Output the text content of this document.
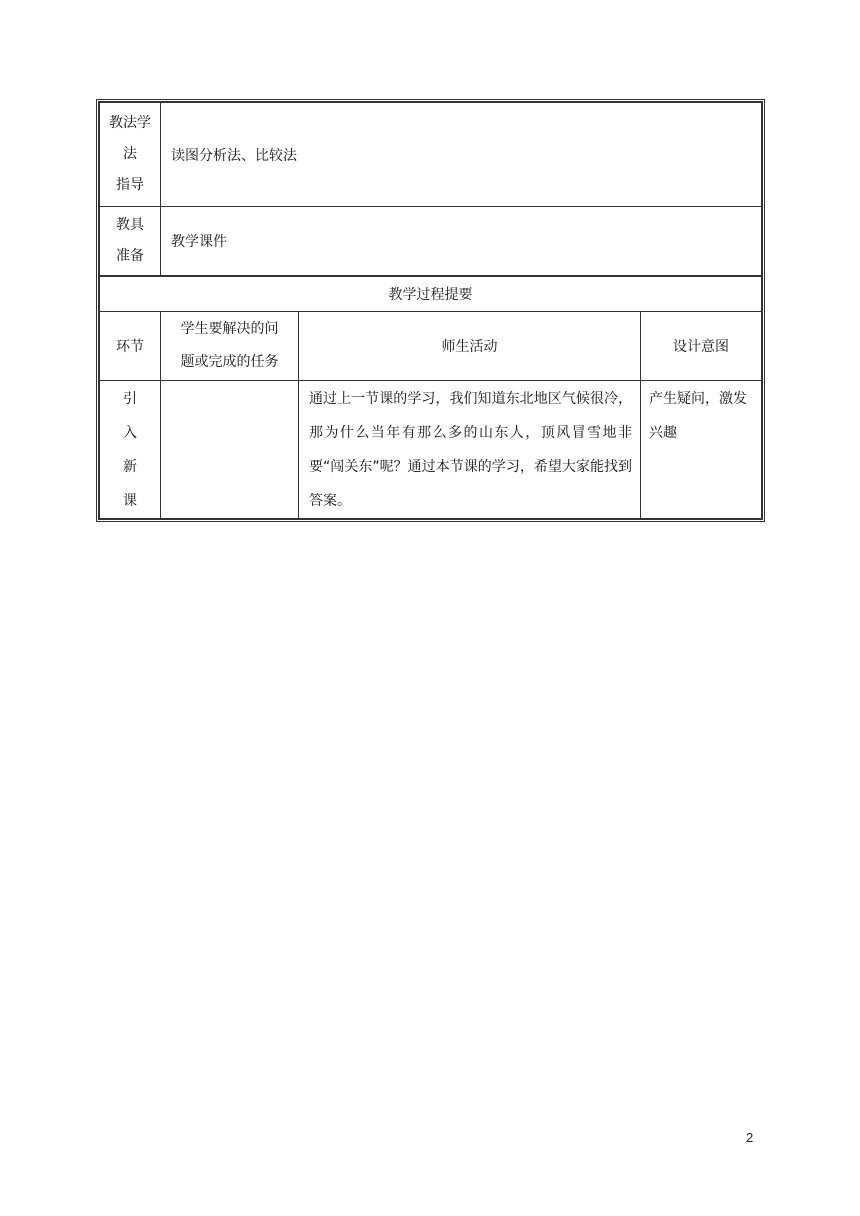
教法学
法
指导
读图分析法、比较法
教具
准备
教学课件
教学过程提要
环节
学生要解决的问
题或完成的任务
师生活动	设计意图
引
入
新
课
通过上一节课的学习，我们知道东北地区气候很冷，那为什么当年有那么多的山东人，顶风冒雪地非要“闯关东”呢？通过本节课的学习，希望大家能找到答案。
产生疑问，激发兴趣
2
